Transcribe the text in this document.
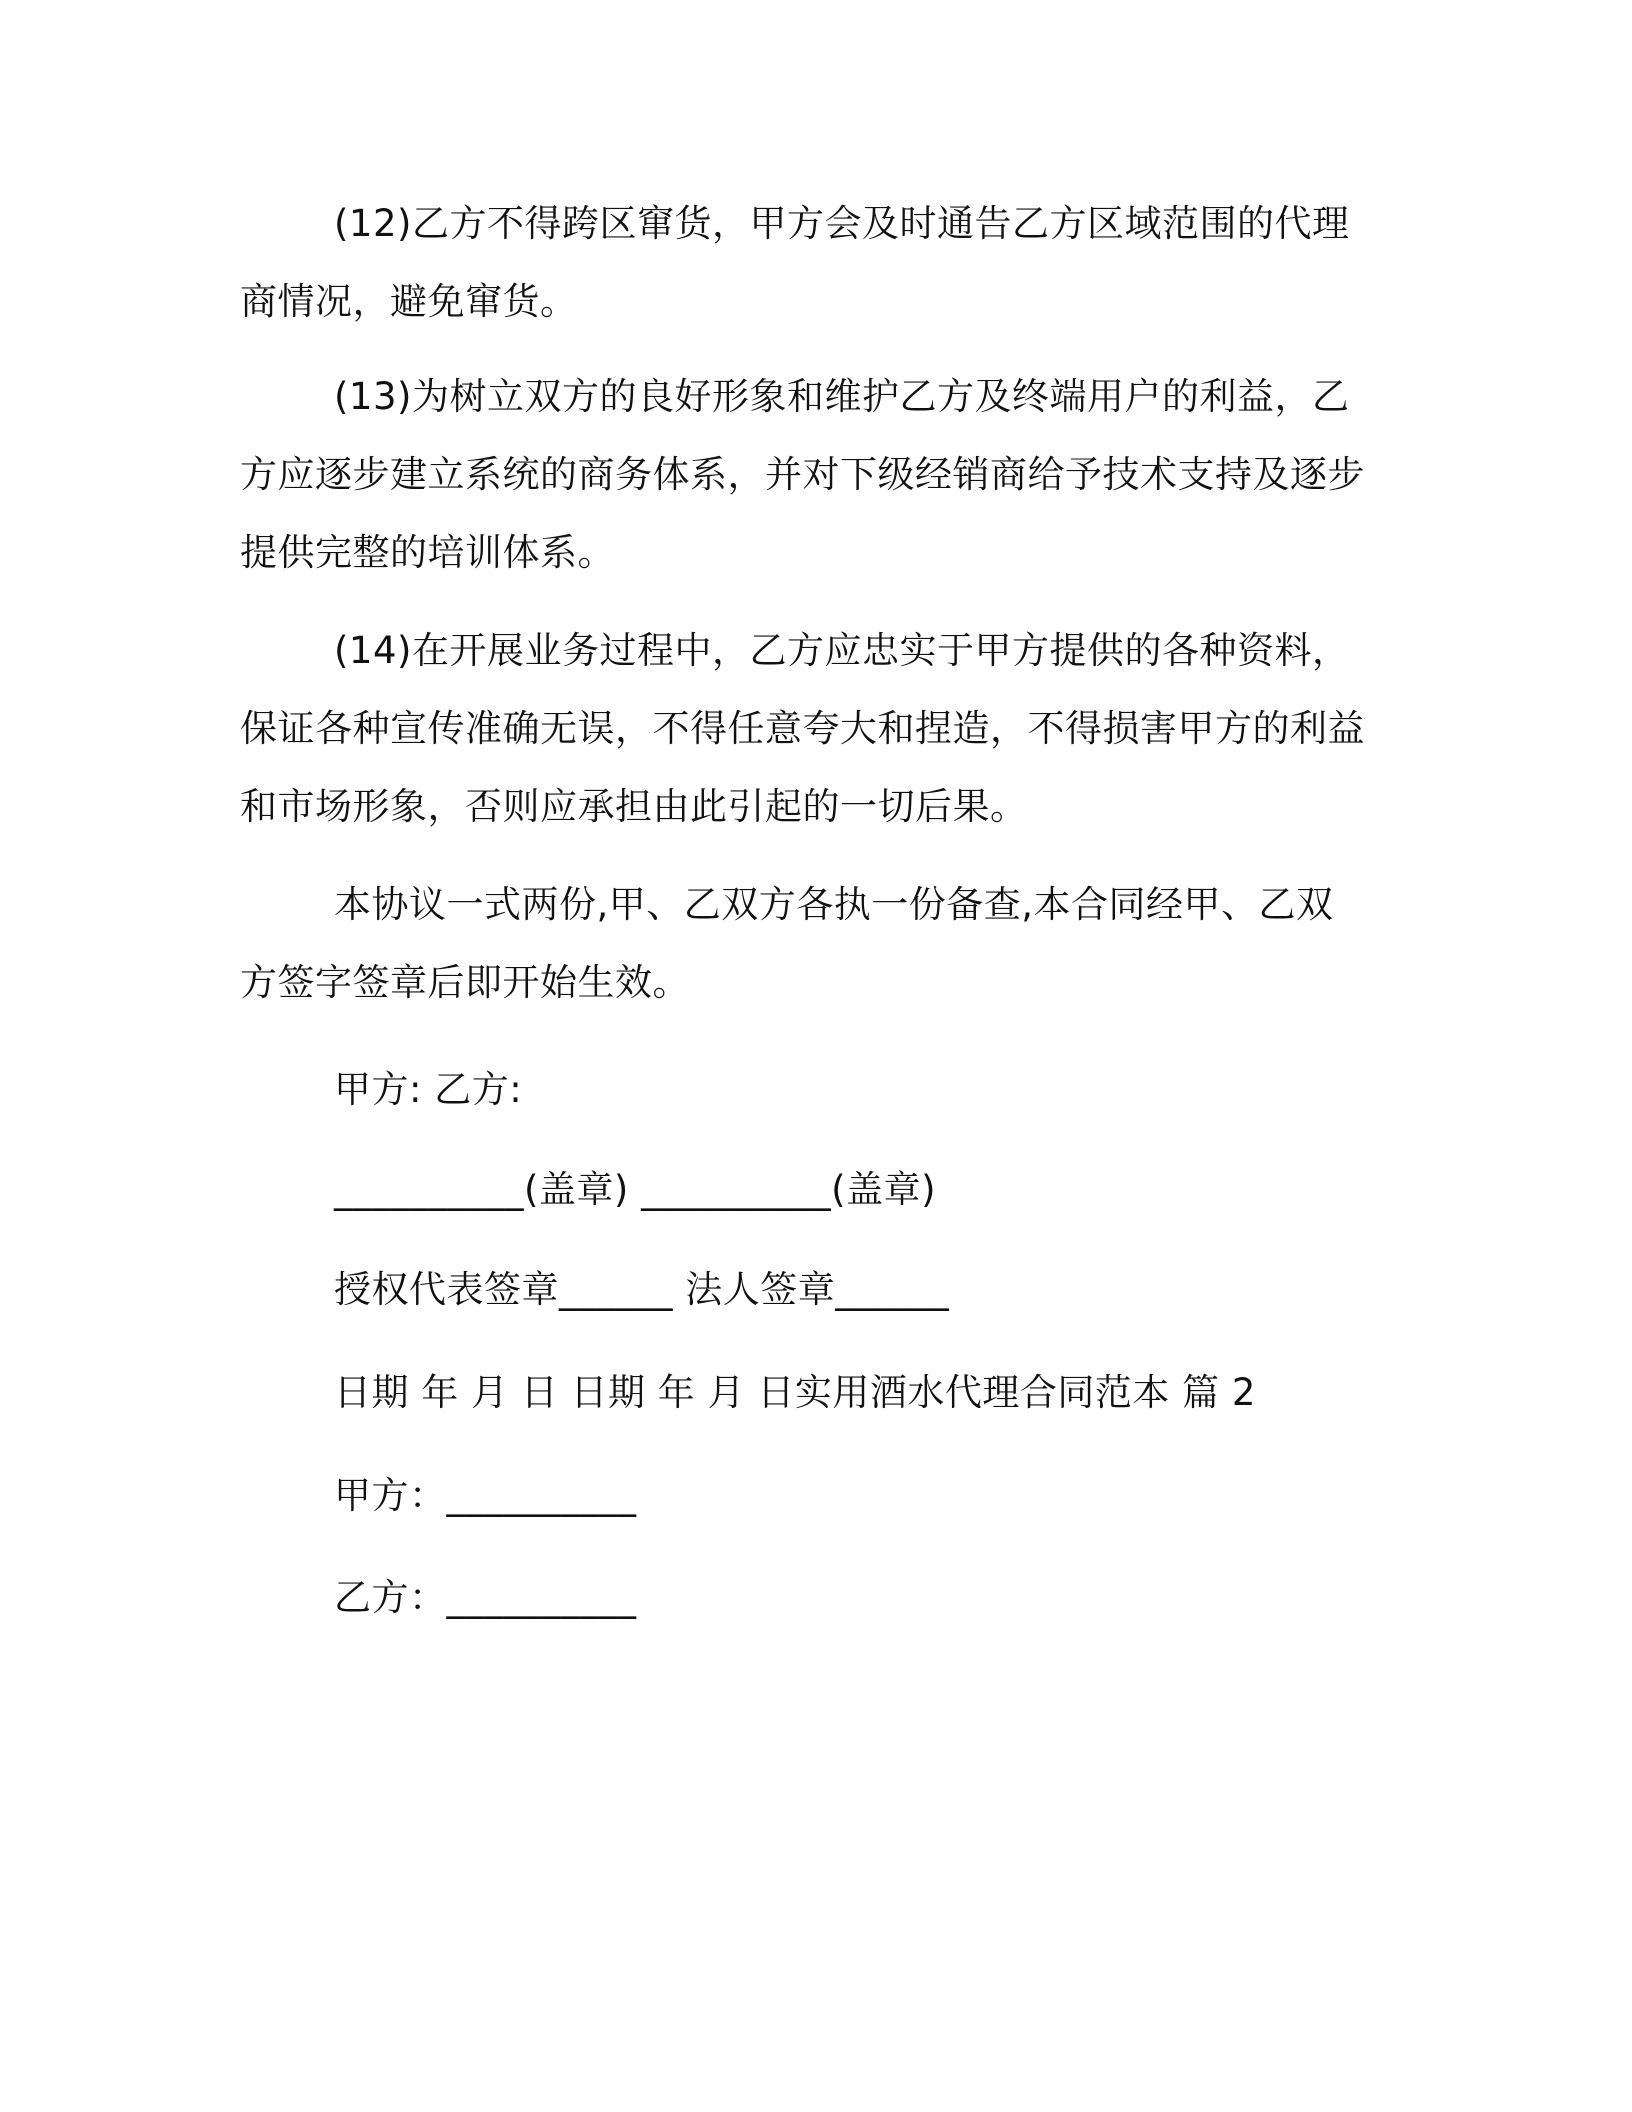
(12)乙方不得跨区窜货，甲方会及时通告乙方区域范围的代理商情况，避免窜货。

(13)为树立双方的良好形象和维护乙方及终端用户的利益，乙方应逐步建立系统的商务体系，并对下级经销商给予技术支持及逐步提供完整的培训体系。

(14)在开展业务过程中，乙方应忠实于甲方提供的各种资料，保证各种宣传准确无误，不得任意夸大和捏造，不得损害甲方的利益和市场形象，否则应承担由此引起的一切后果。

本协议一式两份,甲、乙双方各执一份备查,本合同经甲、乙双方签字签章后即开始生效。

甲方: 乙方:

__________(盖章) __________(盖章)

授权代表签章______ 法人签章______

日期 年 月 日 日期 年 月 日实用酒水代理合同范本 篇 2

甲方：__________

乙方：__________
